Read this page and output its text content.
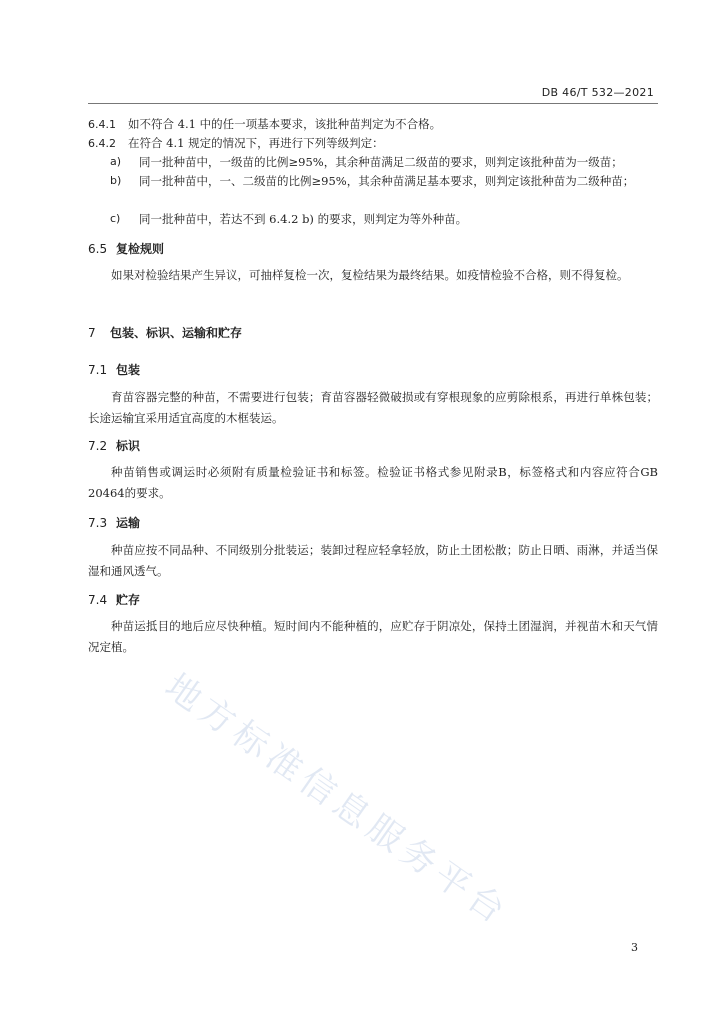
DB 46/T 532—2021
6.4.1 如不符合 4.1 中的任一项基本要求，该批种苗判定为不合格。
6.4.2 在符合 4.1 规定的情况下，再进行下列等级判定：
a)	同一批种苗中，一级苗的比例≥95%，其余种苗满足二级苗的要求，则判定该批种苗为一级苗；
b)	同一批种苗中，一、二级苗的比例≥95%，其余种苗满足基本要求，则判定该批种苗为二级种苗；
c)	同一批种苗中，若达不到 6.4.2 b) 的要求，则判定为等外种苗。
6.5 复检规则
如果对检验结果产生异议，可抽样复检一次，复检结果为最终结果。如疫情检验不合格，则不得复检。
7 包装、标识、运输和贮存
7.1 包装
育苗容器完整的种苗，不需要进行包装；育苗容器轻微破损或有穿根现象的应剪除根系，再进行单株包装；长途运输宜采用适宜高度的木框装运。
7.2 标识
种苗销售或调运时必须附有质量检验证书和标签。检验证书格式参见附录B，标签格式和内容应符合GB 20464的要求。
7.3 运输
种苗应按不同品种、不同级别分批装运；装卸过程应轻拿轻放，防止土团松散；防止日晒、雨淋，并适当保湿和通风透气。
7.4 贮存
种苗运抵目的地后应尽快种植。短时间内不能种植的，应贮存于阴凉处，保持土团湿润，并视苗木和天气情况定植。
地方标准信息服务平台
3
